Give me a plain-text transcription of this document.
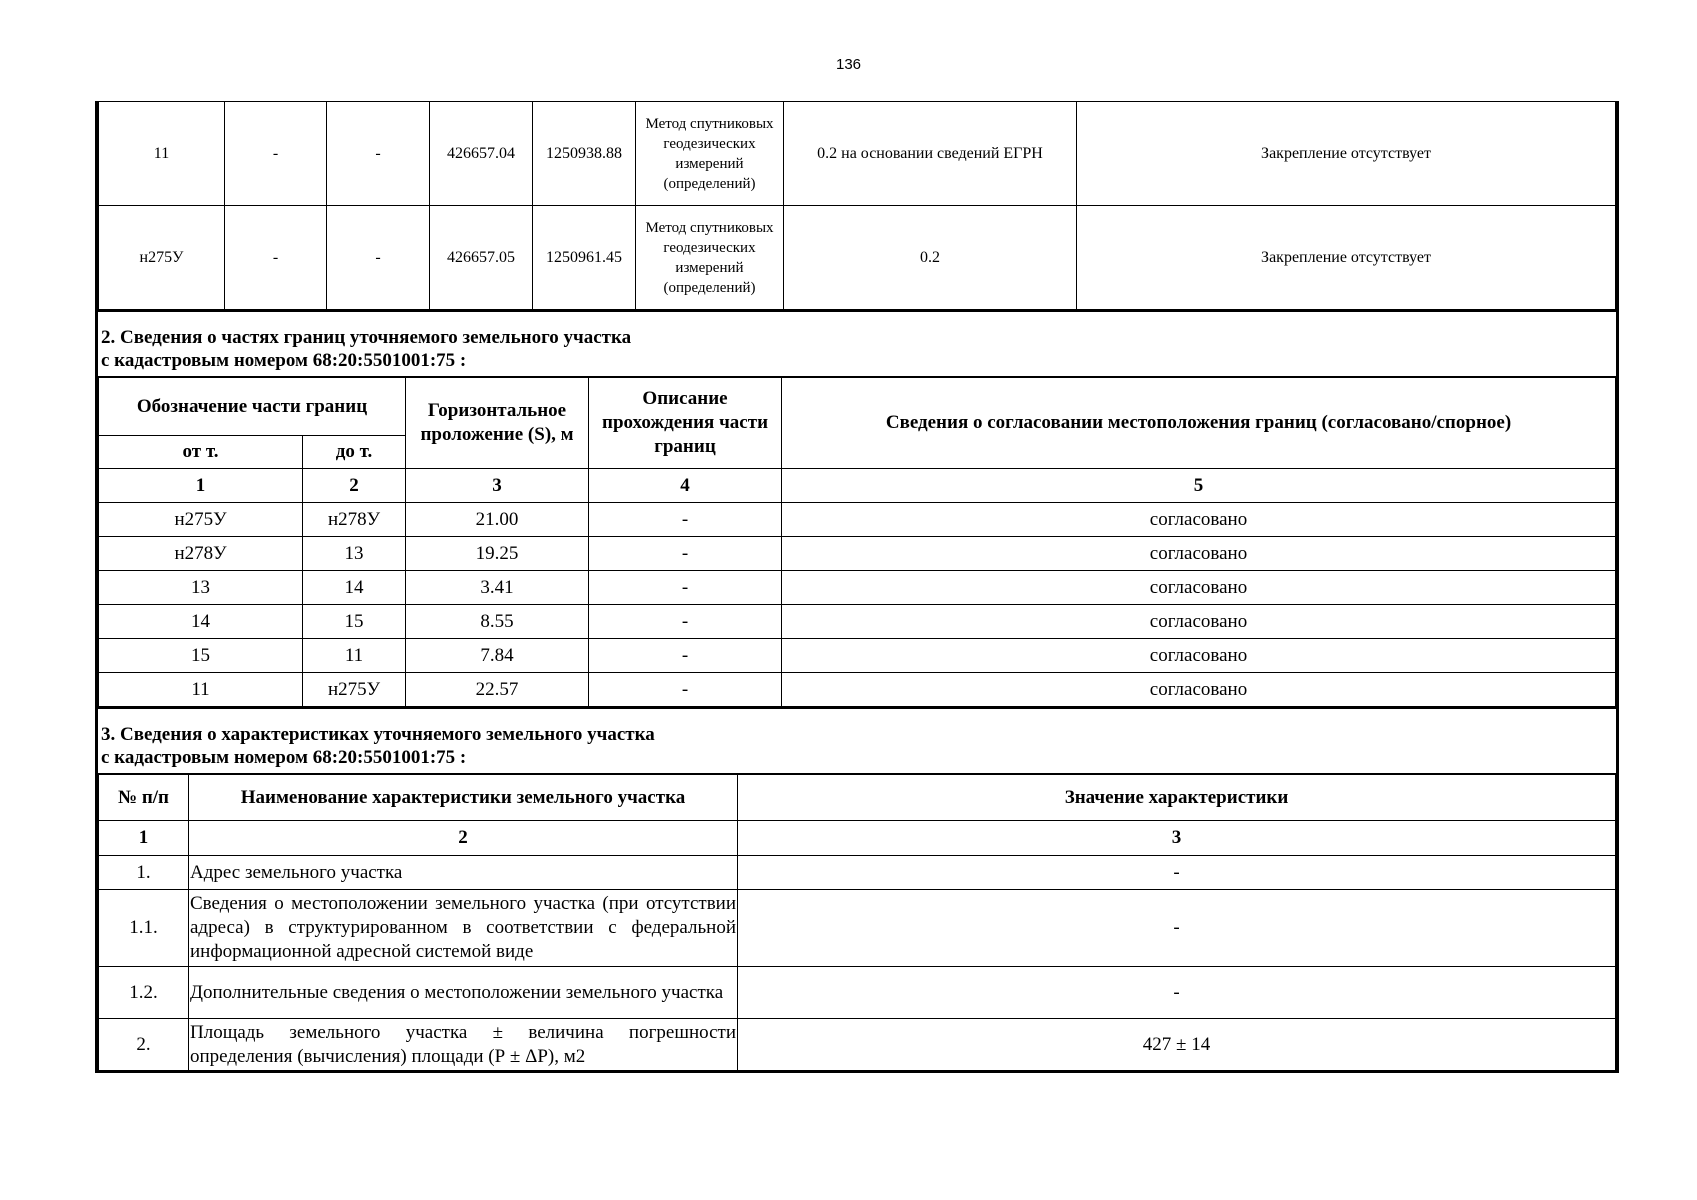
136
11	-	-	426657.04	1250938.88	Метод спутниковых геодезических измерений (определений)	0.2 на основании сведений ЕГРН	Закрепление отсутствует
н275У	-	-	426657.05	1250961.45	Метод спутниковых геодезических измерений (определений)	0.2	Закрепление отсутствует
2. Сведения о частях границ уточняемого земельного участка
с кадастровым номером 68:20:5501001:75 :
Обозначение части границ		Горизонтальное проложение (S), м	Описание прохождения части границ	Сведения о согласовании местоположения границ (согласовано/спорное)
от т.	до т.			
1	2	3	4	5
н275У	н278У	21.00	-	согласовано
н278У	13	19.25	-	согласовано
13	14	3.41	-	согласовано
14	15	8.55	-	согласовано
15	11	7.84	-	согласовано
11	н275У	22.57	-	согласовано
3. Сведения о характеристиках уточняемого земельного участка
с кадастровым номером 68:20:5501001:75 :
№ п/п	Наименование характеристики земельного участка	Значение характеристики
1	2	3
1.	Адрес земельного участка	-
1.1.	Сведения о местоположении земельного участка (при отсутствии адреса) в структурированном в соответствии с федеральной информационной адресной системой виде	-
1.2.	Дополнительные сведения о местоположении земельного участка	-
2.	Площадь земельного участка ± величина погрешности определения (вычисления) площади (Р ± ΔР), м2	427 ± 14
